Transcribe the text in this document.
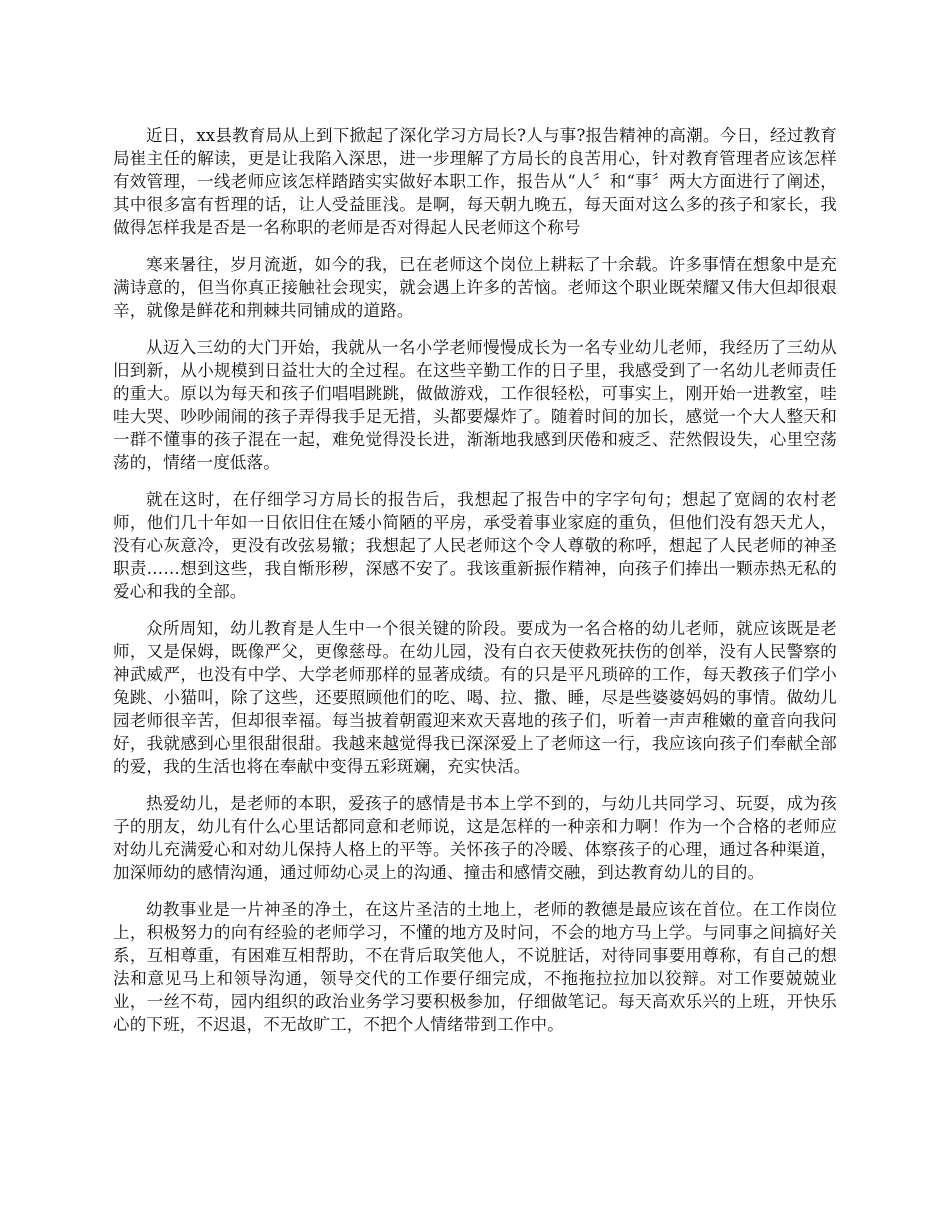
近日，xx县教育局从上到下掀起了深化学习方局长?人与事?报告精神的高潮。今日，经过教育局崔主任的解读，更是让我陷入深思，进一步理解了方局长的良苦用心，针对教育管理者应该怎样有效管理，一线老师应该怎样踏踏实实做好本职工作，报告从“人〞和“事〞两大方面进行了阐述，其中很多富有哲理的话，让人受益匪浅。是啊，每天朝九晚五，每天面对这么多的孩子和家长，我做得怎样我是否是一名称职的老师是否对得起人民老师这个称号

寒来暑往，岁月流逝，如今的我，已在老师这个岗位上耕耘了十余载。许多事情在想象中是充满诗意的，但当你真正接触社会现实，就会遇上许多的苦恼。老师这个职业既荣耀又伟大但却很艰辛，就像是鲜花和荆棘共同铺成的道路。

从迈入三幼的大门开始，我就从一名小学老师慢慢成长为一名专业幼儿老师，我经历了三幼从旧到新，从小规模到日益壮大的全过程。在这些辛勤工作的日子里，我感受到了一名幼儿老师责任的重大。原以为每天和孩子们唱唱跳跳，做做游戏，工作很轻松，可事实上，刚开始一进教室，哇哇大哭、吵吵闹闹的孩子弄得我手足无措，头都要爆炸了。随着时间的加长，感觉一个大人整天和一群不懂事的孩子混在一起，难免觉得没长进，渐渐地我感到厌倦和疲乏、茫然假设失，心里空荡荡的，情绪一度低落。

就在这时，在仔细学习方局长的报告后，我想起了报告中的字字句句；想起了宽阔的农村老师，他们几十年如一日依旧住在矮小简陋的平房，承受着事业家庭的重负，但他们没有怨天尤人，没有心灰意冷，更没有改弦易辙；我想起了人民老师这个令人尊敬的称呼，想起了人民老师的神圣职责……想到这些，我自惭形秽，深感不安了。我该重新振作精神，向孩子们捧出一颗赤热无私的爱心和我的全部。

众所周知，幼儿教育是人生中一个很关键的阶段。要成为一名合格的幼儿老师，就应该既是老师，又是保姆，既像严父，更像慈母。在幼儿园，没有白衣天使救死扶伤的创举，没有人民警察的神武威严，也没有中学、大学老师那样的显著成绩。有的只是平凡琐碎的工作，每天教孩子们学小兔跳、小猫叫，除了这些，还要照顾他们的吃、喝、拉、撒、睡，尽是些婆婆妈妈的事情。做幼儿园老师很辛苦，但却很幸福。每当披着朝霞迎来欢天喜地的孩子们，听着一声声稚嫩的童音向我问好，我就感到心里很甜很甜。我越来越觉得我已深深爱上了老师这一行，我应该向孩子们奉献全部的爱，我的生活也将在奉献中变得五彩斑斓，充实快活。

热爱幼儿，是老师的本职，爱孩子的感情是书本上学不到的，与幼儿共同学习、玩耍，成为孩子的朋友，幼儿有什么心里话都同意和老师说，这是怎样的一种亲和力啊！作为一个合格的老师应对幼儿充满爱心和对幼儿保持人格上的平等。关怀孩子的冷暖、体察孩子的心理，通过各种渠道，加深师幼的感情沟通，通过师幼心灵上的沟通、撞击和感情交融，到达教育幼儿的目的。

幼教事业是一片神圣的净土，在这片圣洁的土地上，老师的教德是最应该在首位。在工作岗位上，积极努力的向有经验的老师学习，不懂的地方及时问，不会的地方马上学。与同事之间搞好关系，互相尊重，有困难互相帮助，不在背后取笑他人，不说脏话，对待同事要用尊称，有自己的想法和意见马上和领导沟通，领导交代的工作要仔细完成，不拖拖拉拉加以狡辩。对工作要兢兢业业，一丝不苟，园内组织的政治业务学习要积极参加，仔细做笔记。每天高欢乐兴的上班，开快乐心的下班，不迟退，不无故旷工，不把个人情绪带到工作中。
